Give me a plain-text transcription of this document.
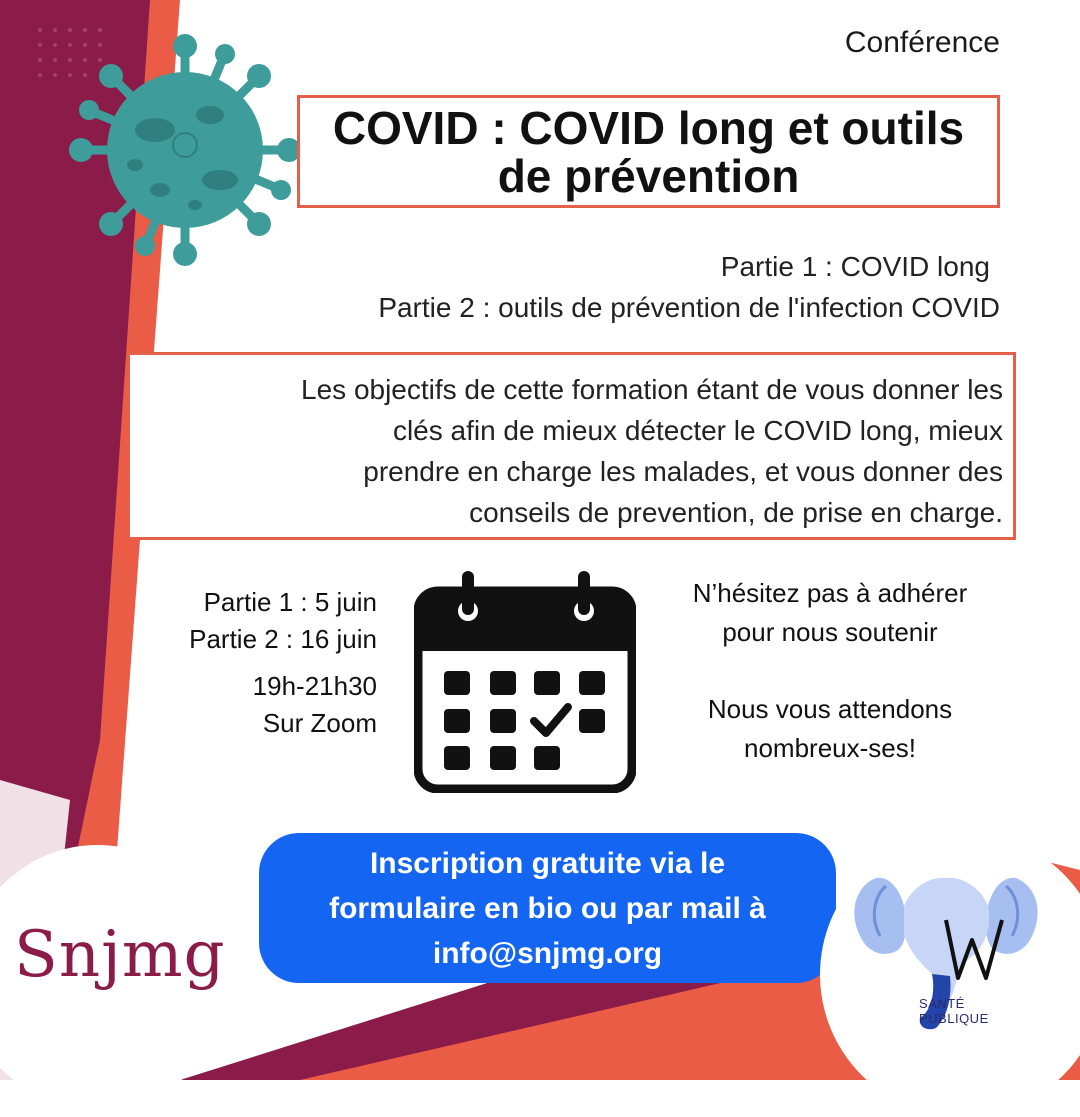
Conférence
COVID : COVID long et outils
de prévention
Partie 1 : COVID long
Partie 2 : outils de prévention de l'infection COVID
Les objectifs de cette formation étant de vous donner les
clés afin de mieux détecter le COVID long, mieux
prendre en charge les malades, et vous donner des
conseils de prevention, de prise en charge.
Partie 1 : 5 juin
Partie 2 : 16 juin
19h-21h30
Sur Zoom
N’hésitez pas à adhérer
pour nous soutenir
Nous vous attendons
nombreux-ses!
Inscription gratuite via le
formulaire en bio ou par mail à
info@snjmg.org
Snjmg
SANTÉ
PUBLIQUE
